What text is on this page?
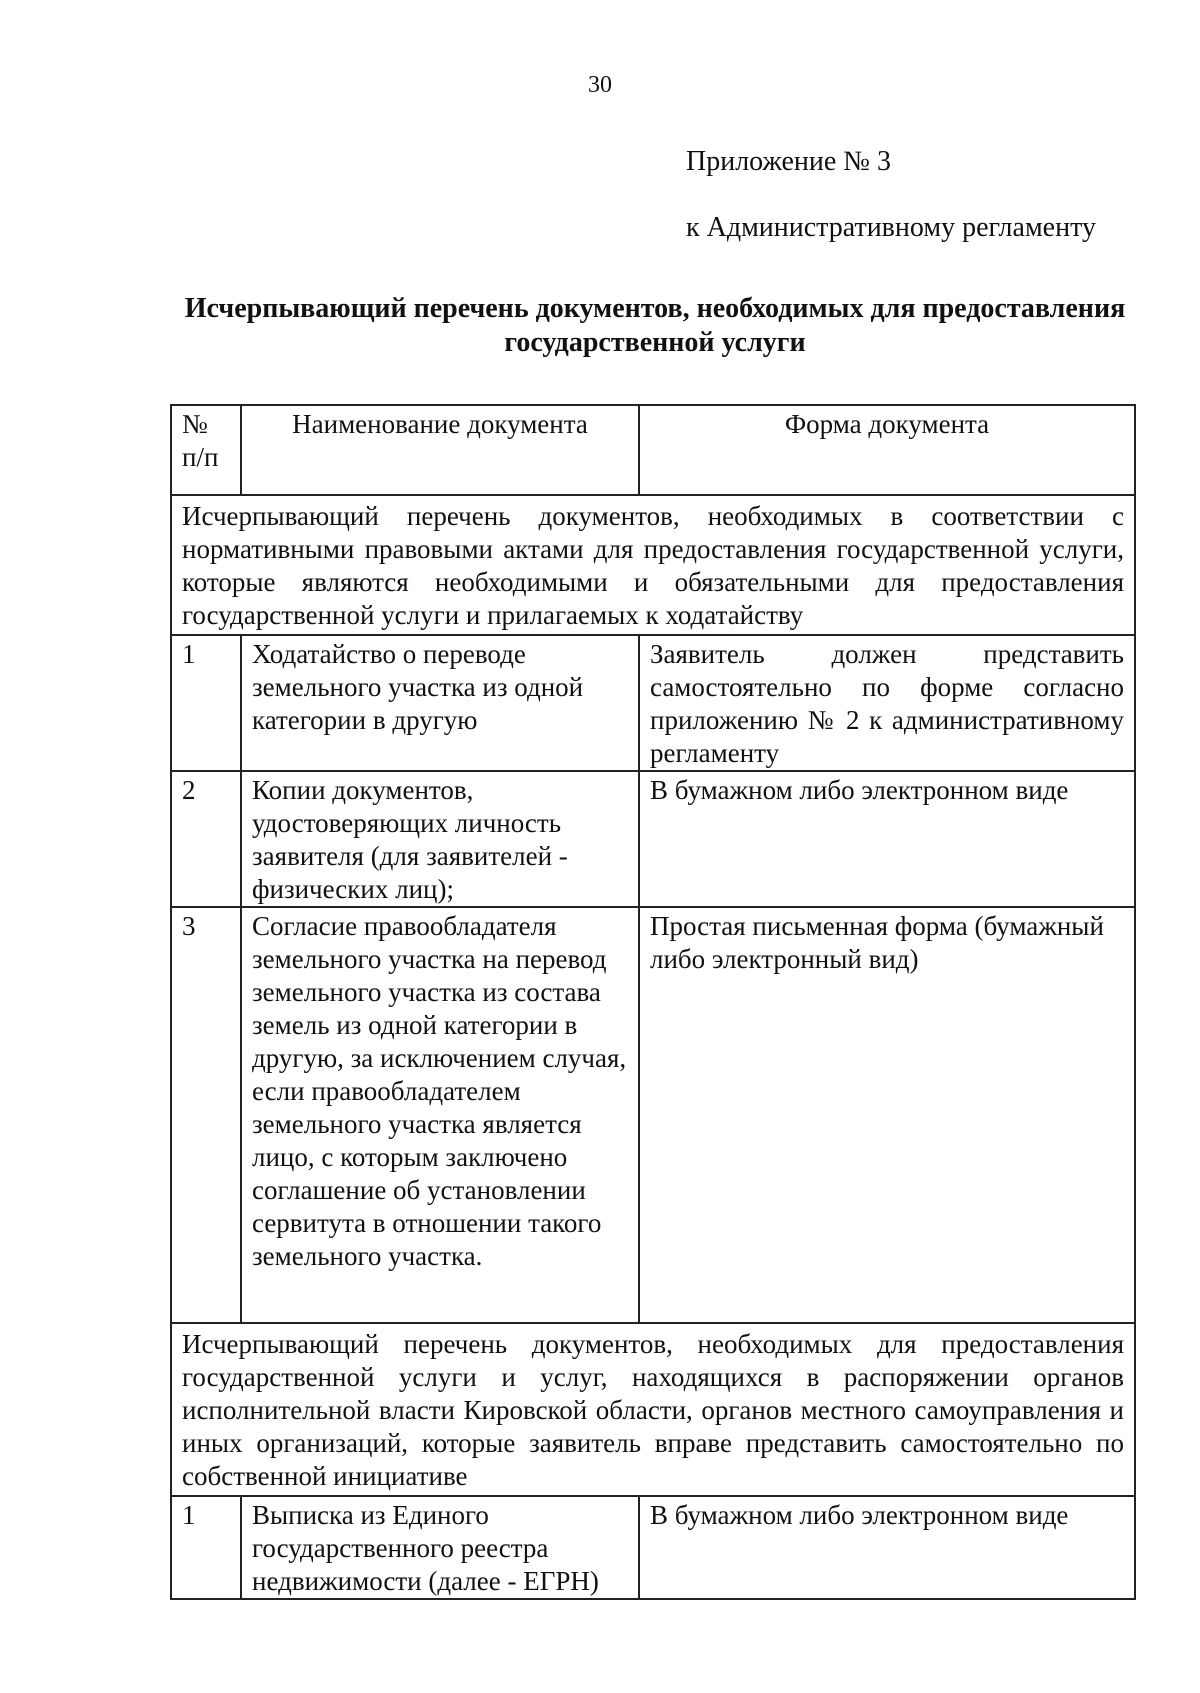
30
Приложение № 3
к Административному регламенту
Исчерпывающий перечень документов, необходимых для предоставления государственной услуги
№ п/п	Наименование документа	Форма документа
Исчерпывающий перечень документов, необходимых в соответствии с нормативными правовыми актами для предоставления государственной услуги, которые являются необходимыми и обязательными для предоставления государственной услуги и прилагаемых к ходатайству		
1	Ходатайство о переводе земельного участка из одной категории в другую	Заявитель должен представить самостоятельно по форме согласно приложению № 2 к административному регламенту
2	Копии документов, удостоверяющих личность заявителя (для заявителей - физических лиц);	В бумажном либо электронном виде
3	Согласие правообладателя земельного участка на перевод земельного участка из состава земель из одной категории в другую, за исключением случая, если правообладателем земельного участка является лицо, с которым заключено соглашение об установлении сервитута в отношении такого земельного участка.	Простая письменная форма (бумажный либо электронный вид)
Исчерпывающий перечень документов, необходимых для предоставления государственной услуги и услуг, находящихся в распоряжении органов исполнительной власти Кировской области, органов местного самоуправления и иных организаций, которые заявитель вправе представить самостоятельно по собственной инициативе		
1	Выписка из Единого государственного реестра недвижимости (далее - ЕГРН)	В бумажном либо электронном виде
